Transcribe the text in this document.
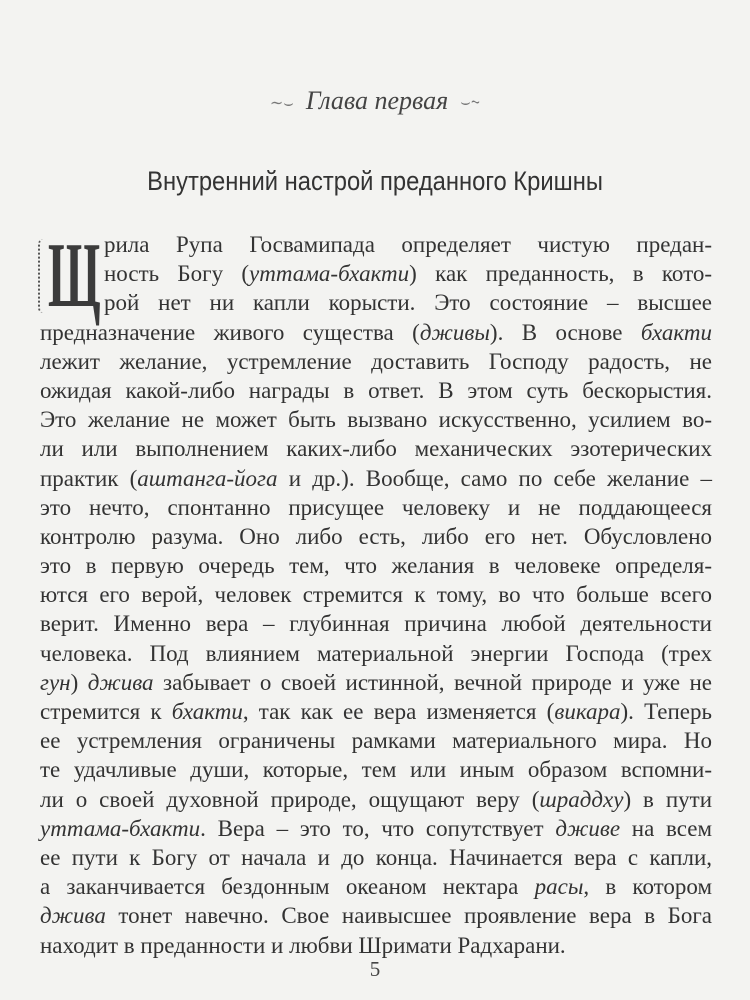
∼⌣ Глава первая ⌣∼
Внутренний настрой преданного Кришны
Щ рила Рупа Госвамипада определяет чистую предан-
ность Богу (уттама-бхакти) как преданность, в кото-
рой нет ни капли корысти. Это состояние – высшее
предназначение живого существа (дживы). В основе бхакти
лежит желание, устремление доставить Господу радость, не
ожидая какой-либо награды в ответ. В этом суть бескорыстия.
Это желание не может быть вызвано искусственно, усилием во-
ли или выполнением каких-либо механических эзотерических
практик (аштанга-йога и др.). Вообще, само по себе желание –
это нечто, спонтанно присущее человеку и не поддающееся
контролю разума. Оно либо есть, либо его нет. Обусловлено
это в первую очередь тем, что желания в человеке определя-
ются его верой, человек стремится к тому, во что больше всего
верит. Именно вера – глубинная причина любой деятельности
человека. Под влиянием материальной энергии Господа (трех
гун) джива забывает о своей истинной, вечной природе и уже не
стремится к бхакти, так как ее вера изменяется (викара). Теперь
ее устремления ограничены рамками материального мира. Но
те удачливые души, которые, тем или иным образом вспомни-
ли о своей духовной природе, ощущают веру (шраддху) в пути
уттама-бхакти. Вера – это то, что сопутствует дживе на всем
ее пути к Богу от начала и до конца. Начинается вера с капли,
а заканчивается бездонным океаном нектара расы, в котором
джива тонет навечно. Свое наивысшее проявление вера в Бога
находит в преданности и любви Шримати Радхарани.
5
